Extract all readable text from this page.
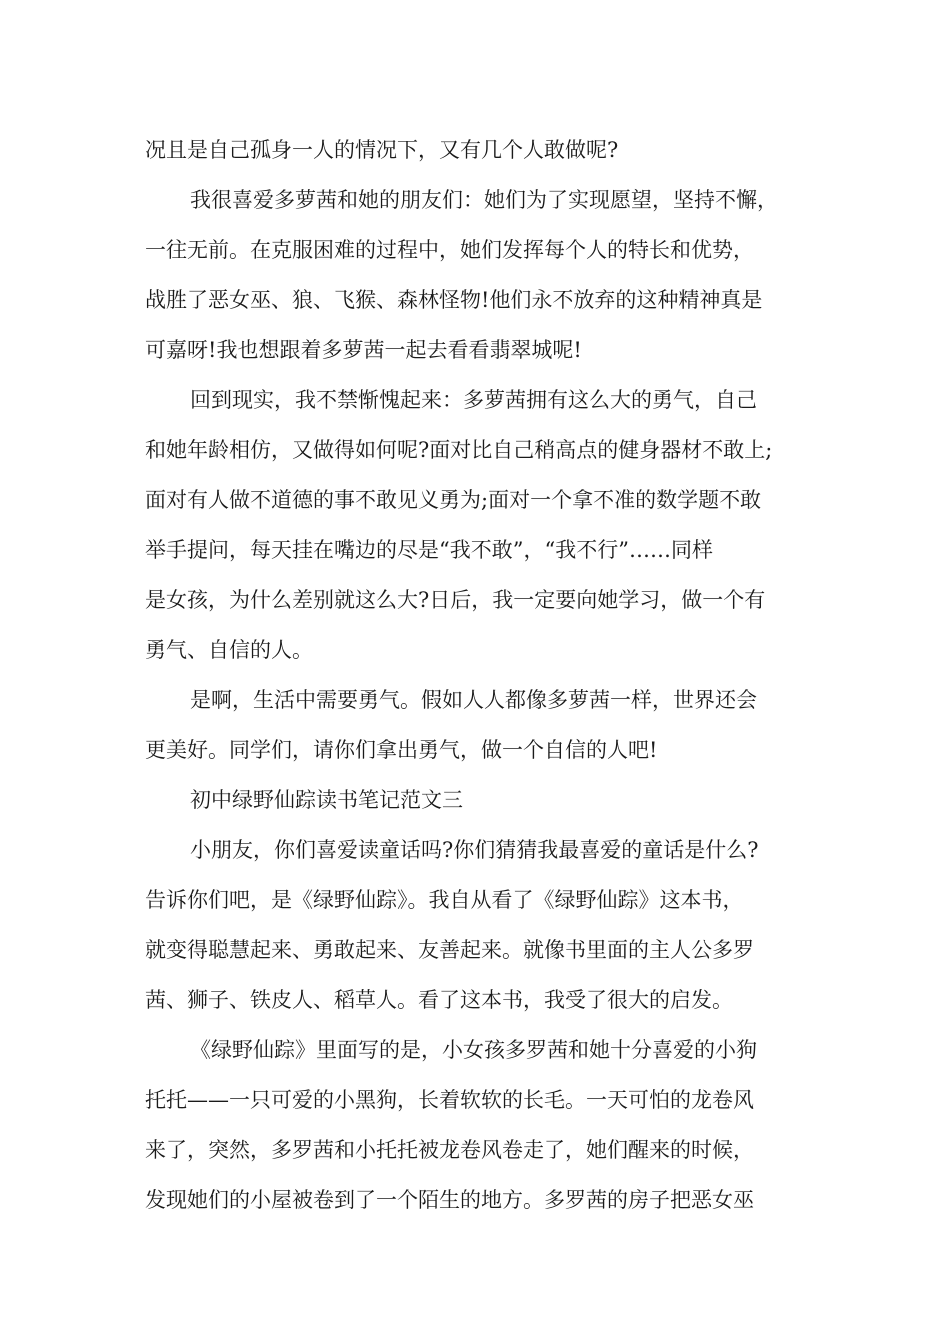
况且是自己孤身一人的情况下，又有几个人敢做呢?
我很喜爱多萝茜和她的朋友们：她们为了实现愿望，坚持不懈，
一往无前。在克服困难的过程中，她们发挥每个人的特长和优势，
战胜了恶女巫、狼、飞猴、森林怪物!他们永不放弃的这种精神真是
可嘉呀!我也想跟着多萝茜一起去看看翡翠城呢!
回到现实，我不禁惭愧起来：多萝茜拥有这么大的勇气，自己
和她年龄相仿，又做得如何呢?面对比自己稍高点的健身器材不敢上;
面对有人做不道德的事不敢见义勇为;面对一个拿不准的数学题不敢
举手提问，每天挂在嘴边的尽是“我不敢”，“我不行”……同样
是女孩，为什么差别就这么大?日后，我一定要向她学习，做一个有
勇气、自信的人。
是啊，生活中需要勇气。假如人人都像多萝茜一样，世界还会
更美好。同学们，请你们拿出勇气，做一个自信的人吧!
初中绿野仙踪读书笔记范文三
小朋友，你们喜爱读童话吗?你们猜猜我最喜爱的童话是什么?
告诉你们吧，是《绿野仙踪》。我自从看了《绿野仙踪》这本书，
就变得聪慧起来、勇敢起来、友善起来。就像书里面的主人公多罗
茜、狮子、铁皮人、稻草人。看了这本书，我受了很大的启发。
《绿野仙踪》里面写的是，小女孩多罗茜和她十分喜爱的小狗
托托——一只可爱的小黑狗，长着软软的长毛。一天可怕的龙卷风
来了，突然，多罗茜和小托托被龙卷风卷走了，她们醒来的时候，
发现她们的小屋被卷到了一个陌生的地方。多罗茜的房子把恶女巫
